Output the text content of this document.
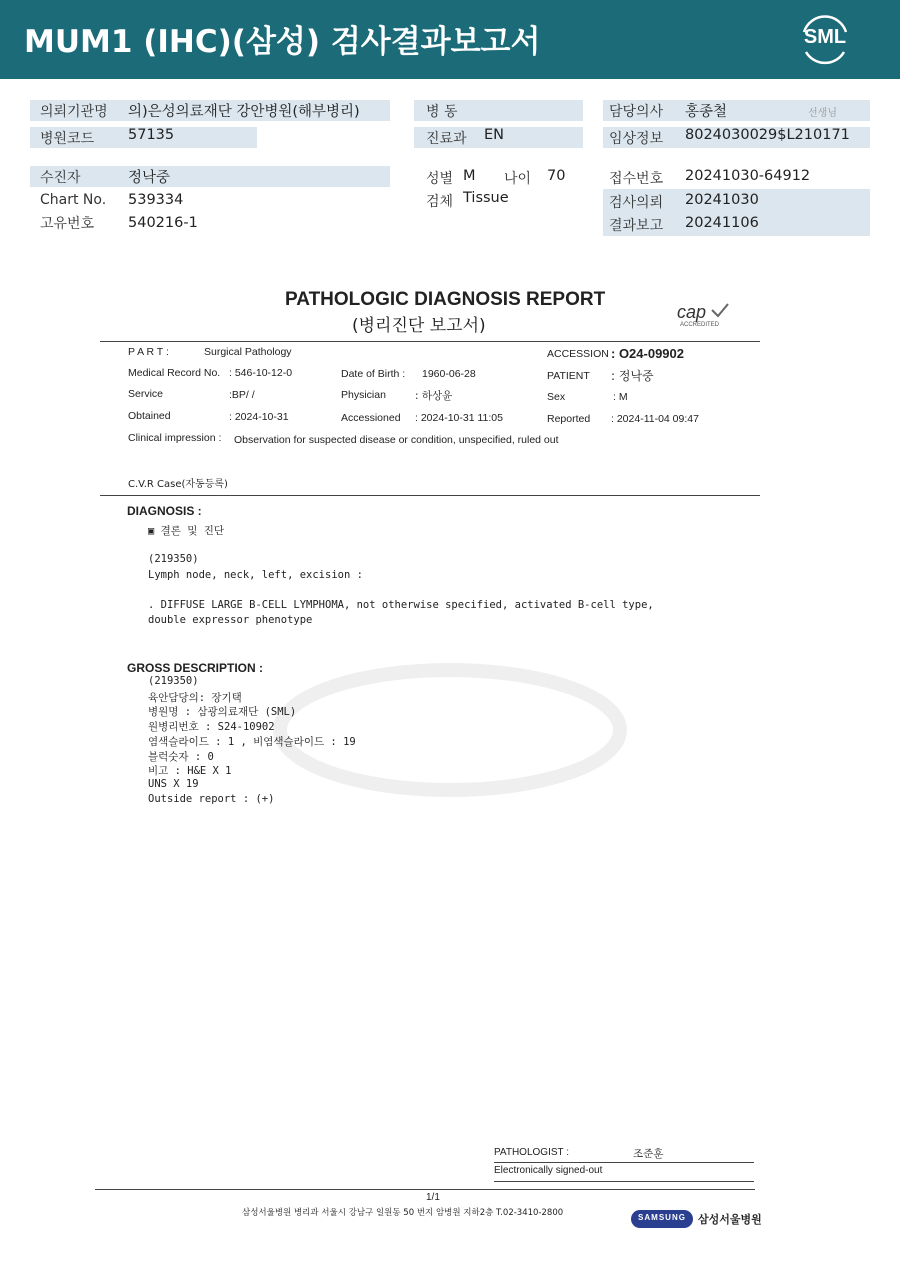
MUM1 (IHC)(삼성) 검사결과보고서	SML
의뢰기관명 의)은성의료재단 강안병원(해부병리)
병원코드 57135
병 동
진료과 EN
담당의사 홍종철	선생님
임상정보 8024030029$L210171
수진자	정낙중
Chart No. 539334
고유번호 540216-1
성별 M 나이 70
검체 Tissue
접수번호 20241030-64912
검사의뢰 20241030
결과보고 20241106
PATHOLOGIC DIAGNOSIS REPORT
(병리진단 보고서)
cap
ACCREDITED
P A R T :	Surgical Pathology	ACCESSION : O24-09902
Medical Record No. : 546-10-12-0	Date of Birth : 1960-06-28	PATIENT : 정낙중
Service	:BP/ /	Physician	: 하상윤	Sex	: M
Obtained	: 2024-10-31	Accessioned : 2024-10-31 11:05	Reported : 2024-11-04 09:47
Clinical impression : Observation for suspected disease or condition, unspecified, ruled out
C.V.R Case(자동등록)
DIAGNOSIS :
▣ 결론 및 진단
(219350)
Lymph node, neck, left, excision :
. DIFFUSE LARGE B-CELL LYMPHOMA, not otherwise specified, activated B-cell type,
double expressor phenotype
GROSS DESCRIPTION :
(219350)
육안담당의: 장기택
병원명 : 삼광의료재단 (SML)
원병리번호 : S24-10902
염색슬라이드 : 1 , 비염색슬라이드 : 19
블럭숫자 : 0
비고 : H&E X 1
UNS X 19
Outside report : (+)
PATHOLOGIST :	조준훈
Electronically signed-out
1/1
삼성서울병원 병리과 서울시 강남구 일원동 50 번지 암병원 지하2층 T.02-3410-2800	SAMSUNG	삼성서울병원
